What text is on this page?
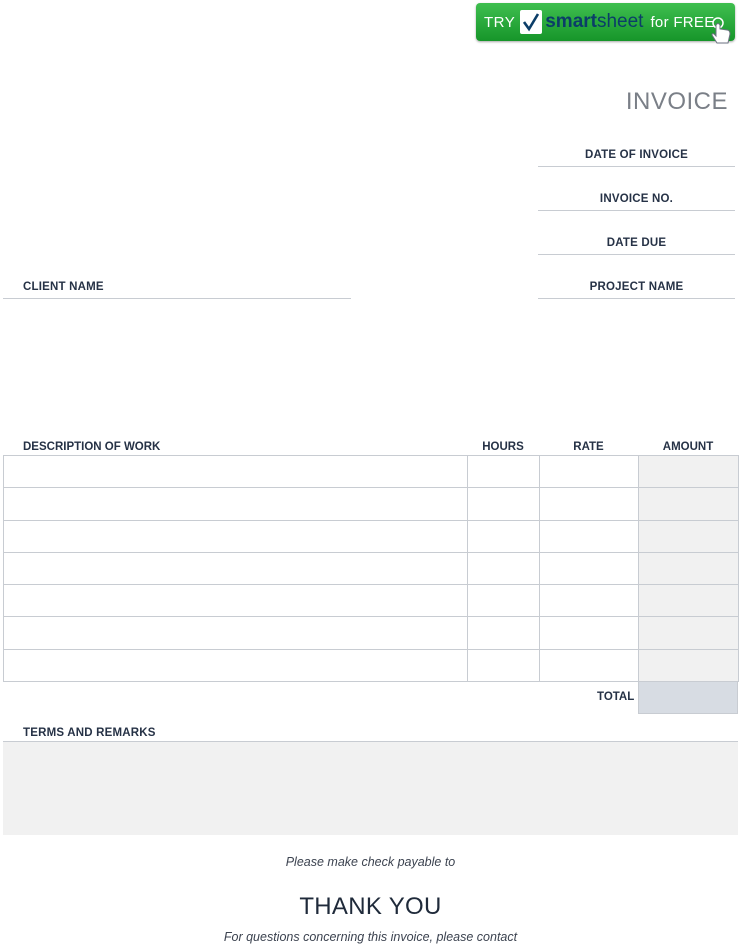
TRY smartsheet for FREE
INVOICE
DATE OF INVOICE
INVOICE NO.
DATE DUE
PROJECT NAME
CLIENT NAME
DESCRIPTION OF WORK	HOURS	RATE	AMOUNT

TOTAL
TERMS AND REMARKS
Please make check payable to
THANK YOU
For questions concerning this invoice, please contact
